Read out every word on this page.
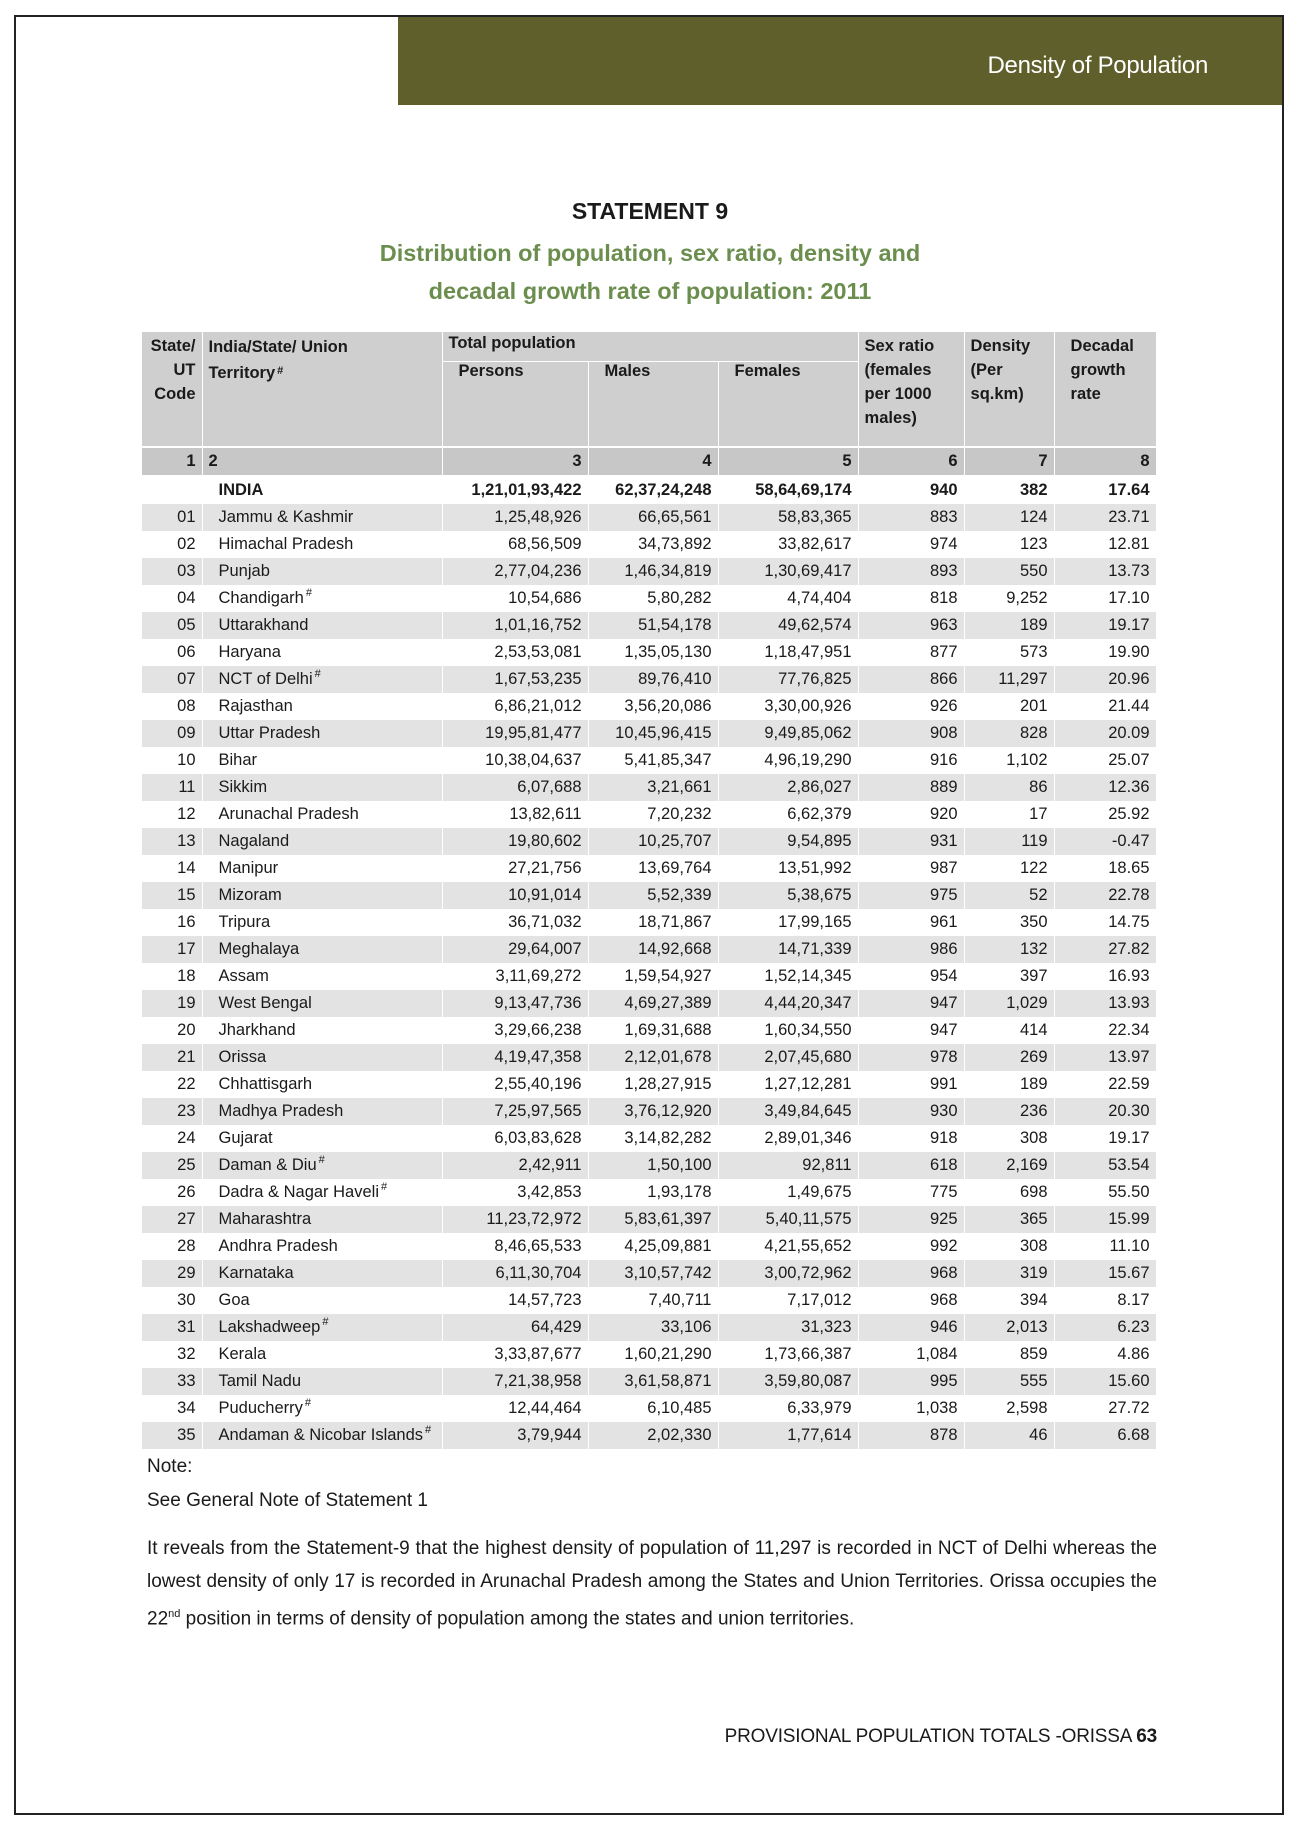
Density of Population
STATEMENT 9
Distribution of population, sex ratio, density and
decadal growth rate of population: 2011
State/ UT Code	India/State/ Union Territory #	Total population			Sex ratio (females per 1000 males)	Density (Per sq.km)	Decadal growth rate

		Persons	Males	Females			
1	2	3	4	5	6	7	8
	INDIA	1,21,01,93,422	62,37,24,248	58,64,69,174	940	382	17.64
01	Jammu & Kashmir	1,25,48,926	66,65,561	58,83,365	883	124	23.71
02	Himachal Pradesh	68,56,509	34,73,892	33,82,617	974	123	12.81
03	Punjab	2,77,04,236	1,46,34,819	1,30,69,417	893	550	13.73
04	Chandigarh #	10,54,686	5,80,282	4,74,404	818	9,252	17.10
05	Uttarakhand	1,01,16,752	51,54,178	49,62,574	963	189	19.17
06	Haryana	2,53,53,081	1,35,05,130	1,18,47,951	877	573	19.90
07	NCT of Delhi #	1,67,53,235	89,76,410	77,76,825	866	11,297	20.96
08	Rajasthan	6,86,21,012	3,56,20,086	3,30,00,926	926	201	21.44
09	Uttar Pradesh	19,95,81,477	10,45,96,415	9,49,85,062	908	828	20.09
10	Bihar	10,38,04,637	5,41,85,347	4,96,19,290	916	1,102	25.07
11	Sikkim	6,07,688	3,21,661	2,86,027	889	86	12.36
12	Arunachal Pradesh	13,82,611	7,20,232	6,62,379	920	17	25.92
13	Nagaland	19,80,602	10,25,707	9,54,895	931	119	-0.47
14	Manipur	27,21,756	13,69,764	13,51,992	987	122	18.65
15	Mizoram	10,91,014	5,52,339	5,38,675	975	52	22.78
16	Tripura	36,71,032	18,71,867	17,99,165	961	350	14.75
17	Meghalaya	29,64,007	14,92,668	14,71,339	986	132	27.82
18	Assam	3,11,69,272	1,59,54,927	1,52,14,345	954	397	16.93
19	West Bengal	9,13,47,736	4,69,27,389	4,44,20,347	947	1,029	13.93
20	Jharkhand	3,29,66,238	1,69,31,688	1,60,34,550	947	414	22.34
21	Orissa	4,19,47,358	2,12,01,678	2,07,45,680	978	269	13.97
22	Chhattisgarh	2,55,40,196	1,28,27,915	1,27,12,281	991	189	22.59
23	Madhya Pradesh	7,25,97,565	3,76,12,920	3,49,84,645	930	236	20.30
24	Gujarat	6,03,83,628	3,14,82,282	2,89,01,346	918	308	19.17
25	Daman & Diu #	2,42,911	1,50,100	92,811	618	2,169	53.54
26	Dadra & Nagar Haveli #	3,42,853	1,93,178	1,49,675	775	698	55.50
27	Maharashtra	11,23,72,972	5,83,61,397	5,40,11,575	925	365	15.99
28	Andhra Pradesh	8,46,65,533	4,25,09,881	4,21,55,652	992	308	11.10
29	Karnataka	6,11,30,704	3,10,57,742	3,00,72,962	968	319	15.67
30	Goa	14,57,723	7,40,711	7,17,012	968	394	8.17
31	Lakshadweep #	64,429	33,106	31,323	946	2,013	6.23
32	Kerala	3,33,87,677	1,60,21,290	1,73,66,387	1,084	859	4.86
33	Tamil Nadu	7,21,38,958	3,61,58,871	3,59,80,087	995	555	15.60
34	Puducherry #	12,44,464	6,10,485	6,33,979	1,038	2,598	27.72
35	Andaman & Nicobar Islands #	3,79,944	2,02,330	1,77,614	878	46	6.68
Note:
See General Note of Statement 1
It reveals from the Statement-9 that the highest density of population of 11,297 is recorded in NCT of Delhi whereas the lowest density of only 17 is recorded in Arunachal Pradesh among the States and Union Territories. Orissa occupies the 22nd position in terms of density of population among the states and union territories.
PROVISIONAL POPULATION TOTALS -ORISSA 63
